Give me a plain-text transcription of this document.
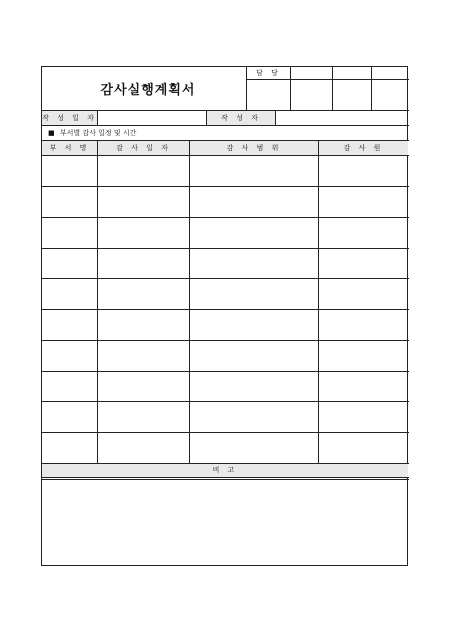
감사실행계획서
담 당
작 성 일 자	작 성 자
■ 부서별 감사 일정 및 시간
부 서 명	감 사 일 자	감 사 범 위	감 사 원
비 고
